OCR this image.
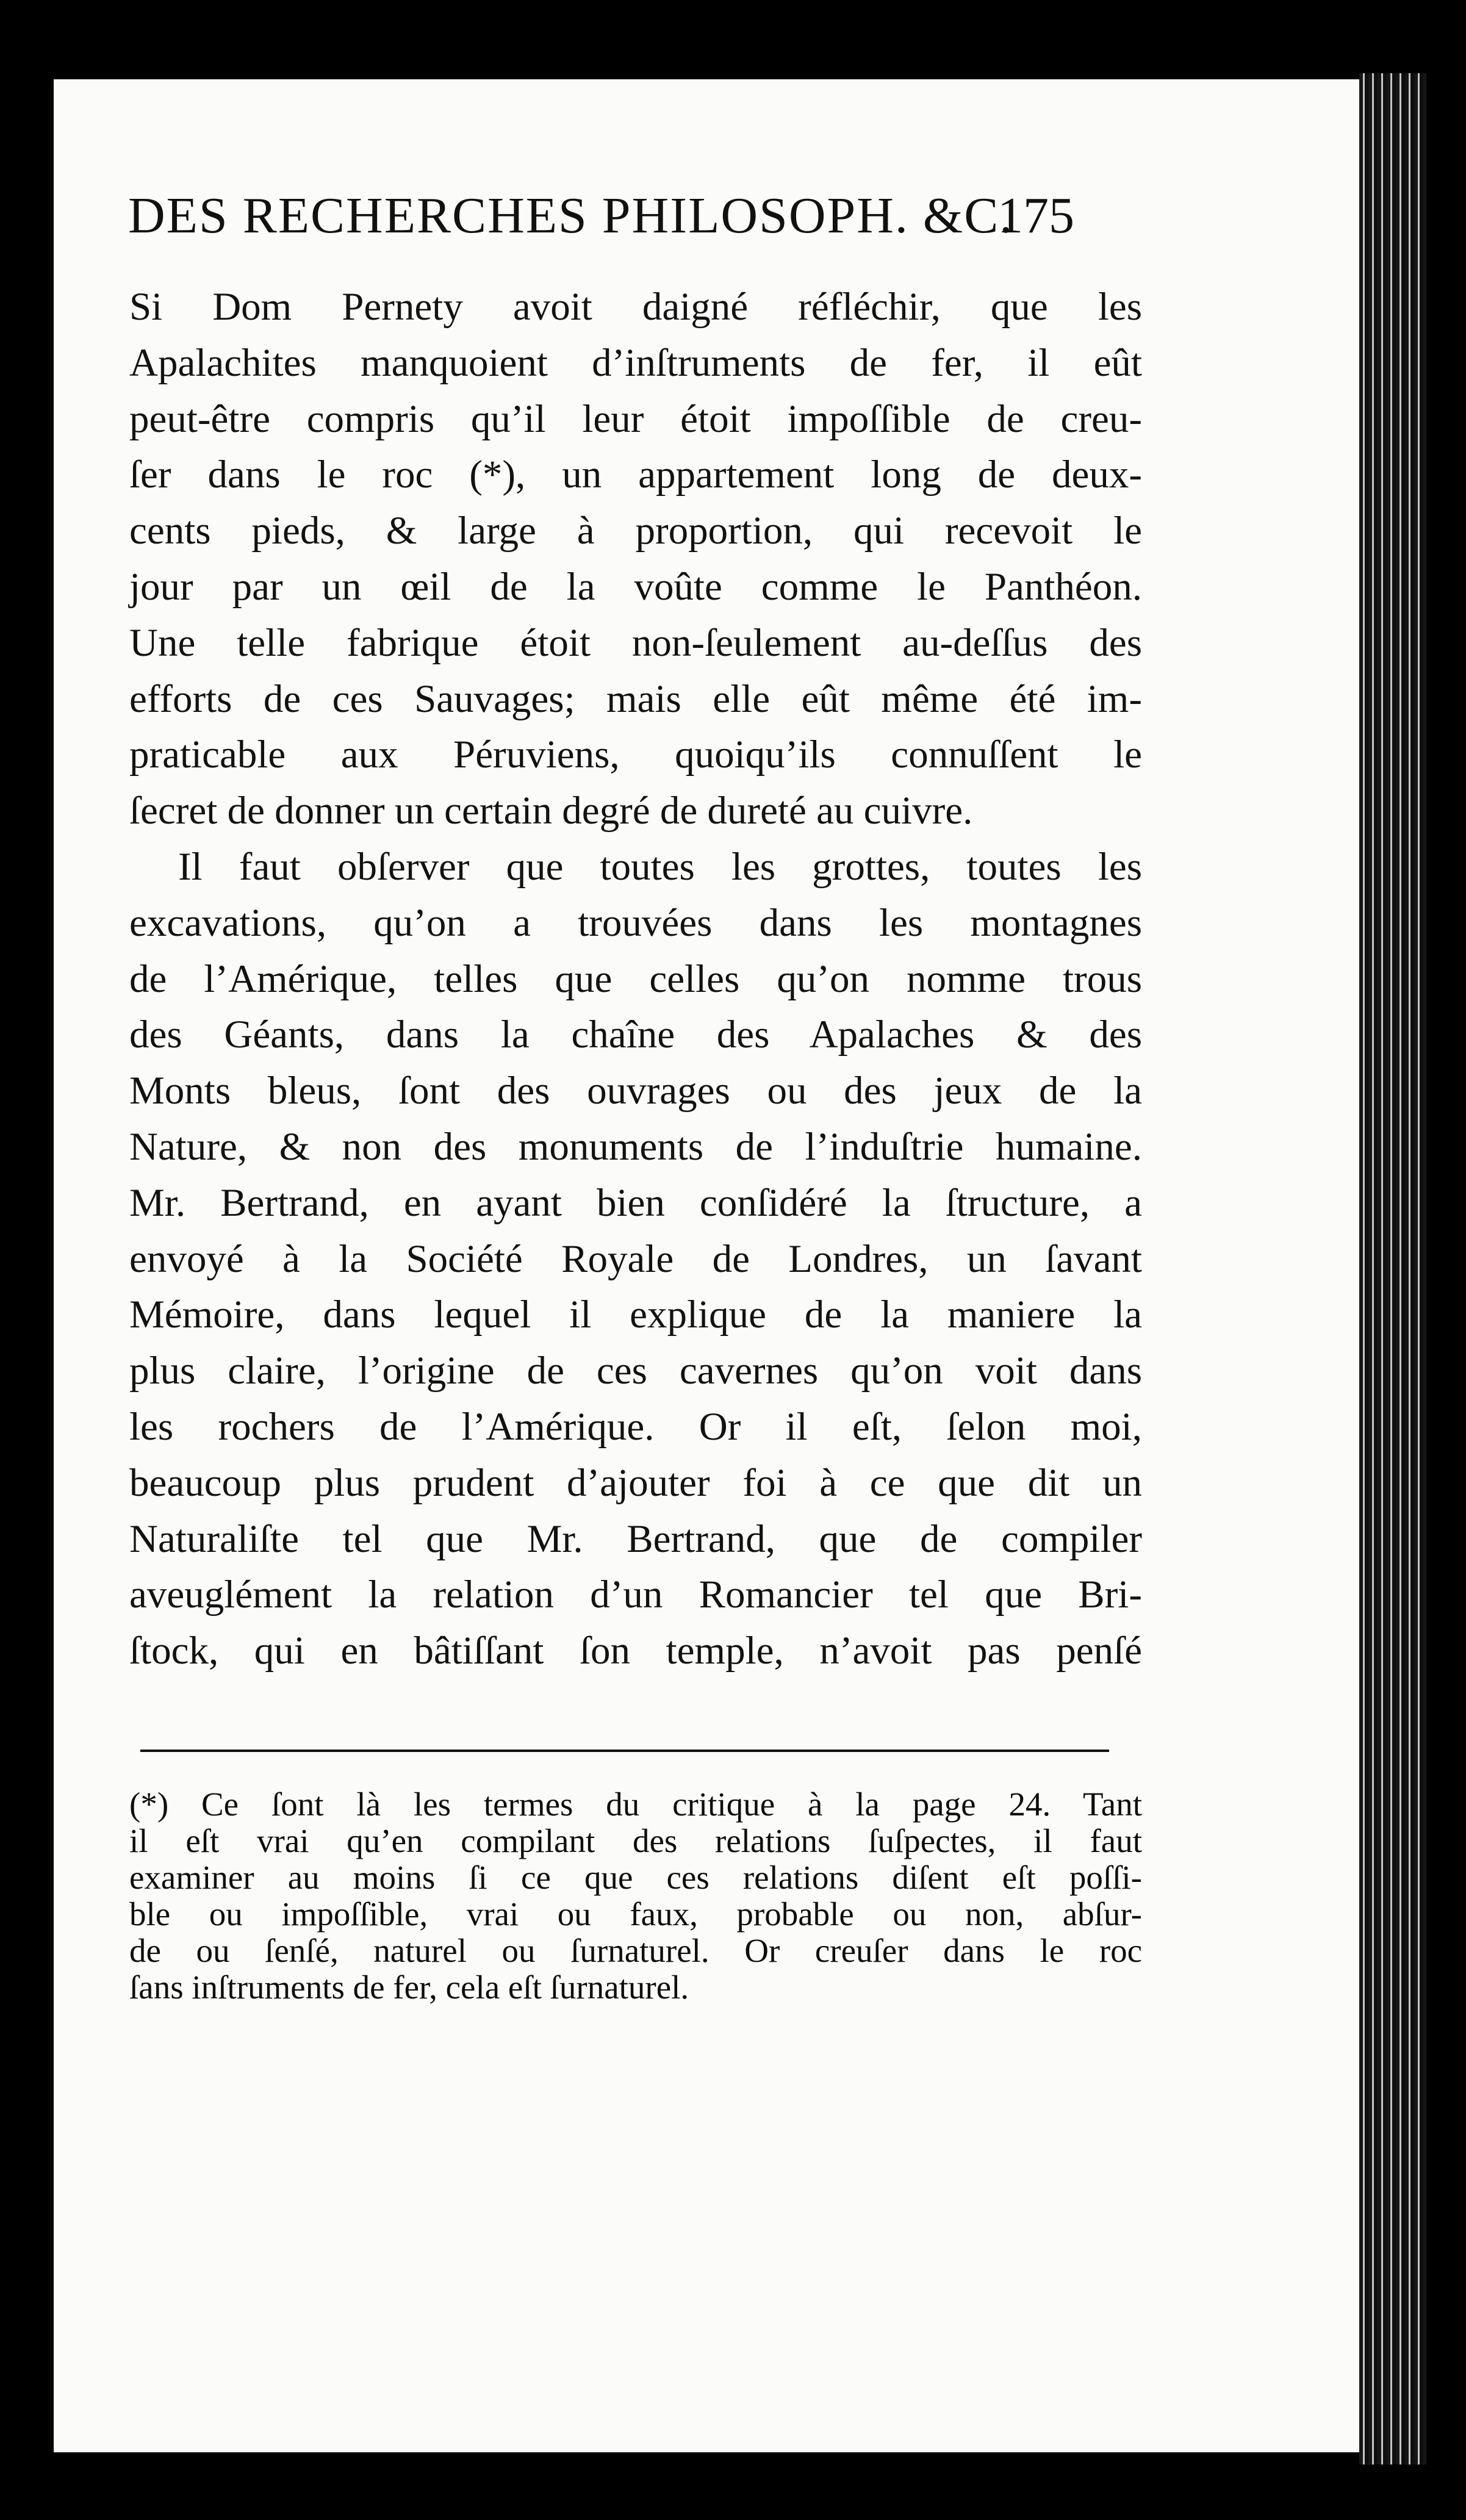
DES RECHERCHES PHILOSOPH. &C.
175
Si Dom Pernety avoit daigné réfléchir, que les
Apalachites manquoient d’inſtruments de fer, il eût
peut-être compris qu’il leur étoit impoſſible de creu-
ſer dans le roc (*), un appartement long de deux-
cents pieds, & large à proportion, qui recevoit le
jour par un œil de la voûte comme le Panthéon.
Une telle fabrique étoit non-ſeulement au-deſſus des
efforts de ces Sauvages; mais elle eût même été im-
praticable aux Péruviens, quoiqu’ils connuſſent le
ſecret de donner un certain degré de dureté au cuivre.
Il faut obſerver que toutes les grottes, toutes les
excavations, qu’on a trouvées dans les montagnes
de l’Amérique, telles que celles qu’on nomme trous
des Géants, dans la chaîne des Apalaches & des
Monts bleus, ſont des ouvrages ou des jeux de la
Nature, & non des monuments de l’induſtrie humaine.
Mr. Bertrand, en ayant bien conſidéré la ſtructure, a
envoyé à la Société Royale de Londres, un ſavant
Mémoire, dans lequel il explique de la maniere la
plus claire, l’origine de ces cavernes qu’on voit dans
les rochers de l’Amérique. Or il eſt, ſelon moi,
beaucoup plus prudent d’ajouter foi à ce que dit un
Naturaliſte tel que Mr. Bertrand, que de compiler
aveuglément la relation d’un Romancier tel que Bri-
ſtock, qui en bâtiſſant ſon temple, n’avoit pas penſé
(*) Ce ſont là les termes du critique à la page 24. Tant
il eſt vrai qu’en compilant des relations ſuſpectes, il faut
examiner au moins ſi ce que ces relations diſent eſt poſſi-
ble ou impoſſible, vrai ou faux, probable ou non, abſur-
de ou ſenſé, naturel ou ſurnaturel. Or creuſer dans le roc
ſans inſtruments de fer, cela eſt ſurnaturel.
